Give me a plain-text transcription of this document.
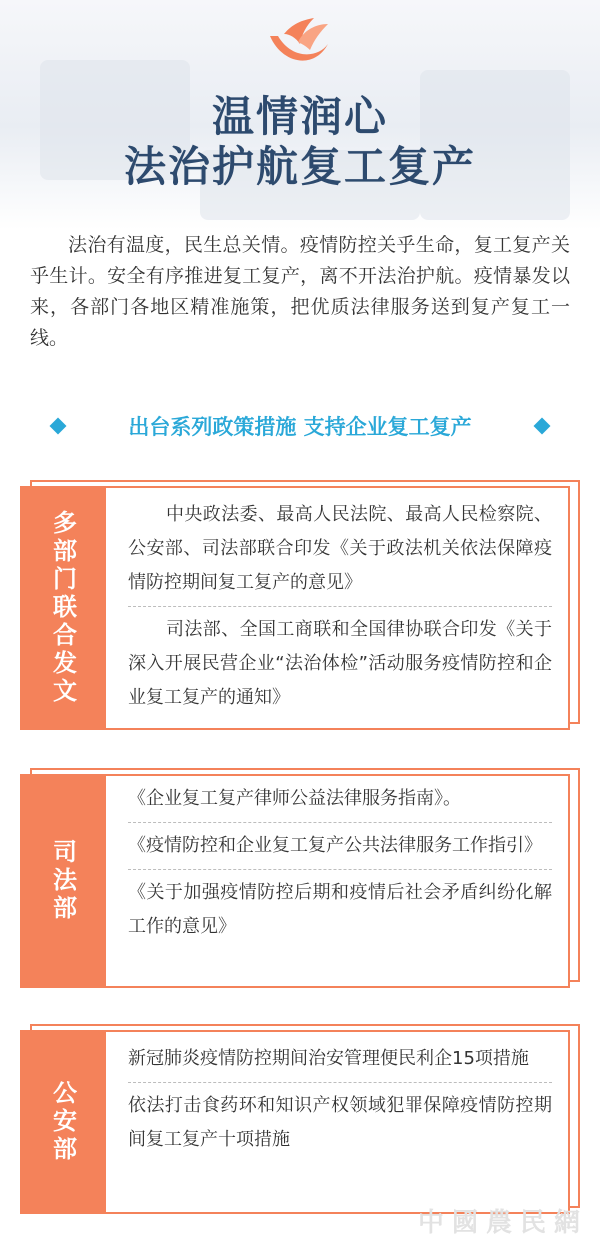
温情润心
法治护航复工复产
法治有温度，民生总关情。疫情防控关乎生命，复工复产关乎生计。安全有序推进复工复产，离不开法治护航。疫情暴发以来，各部门各地区精准施策，把优质法律服务送到复产复工一线。
出台系列政策措施 支持企业复工复产
多部门联合发文	中央政法委、最高人民法院、最高人民检察院、公安部、司法部联合印发《关于政法机关依法保障疫情防控期间复工复产的意见》
司法部、全国工商联和全国律协联合印发《关于深入开展民营企业“法治体检”活动服务疫情防控和企业复工复产的通知》
司法部
《企业复工复产律师公益法律服务指南》。
《疫情防控和企业复工复产公共法律服务工作指引》
《关于加强疫情防控后期和疫情后社会矛盾纠纷化解工作的意见》
公安部
新冠肺炎疫情防控期间治安管理便民利企15项措施
依法打击食药环和知识产权领域犯罪保障疫情防控期间复工复产十项措施
中國農民網
